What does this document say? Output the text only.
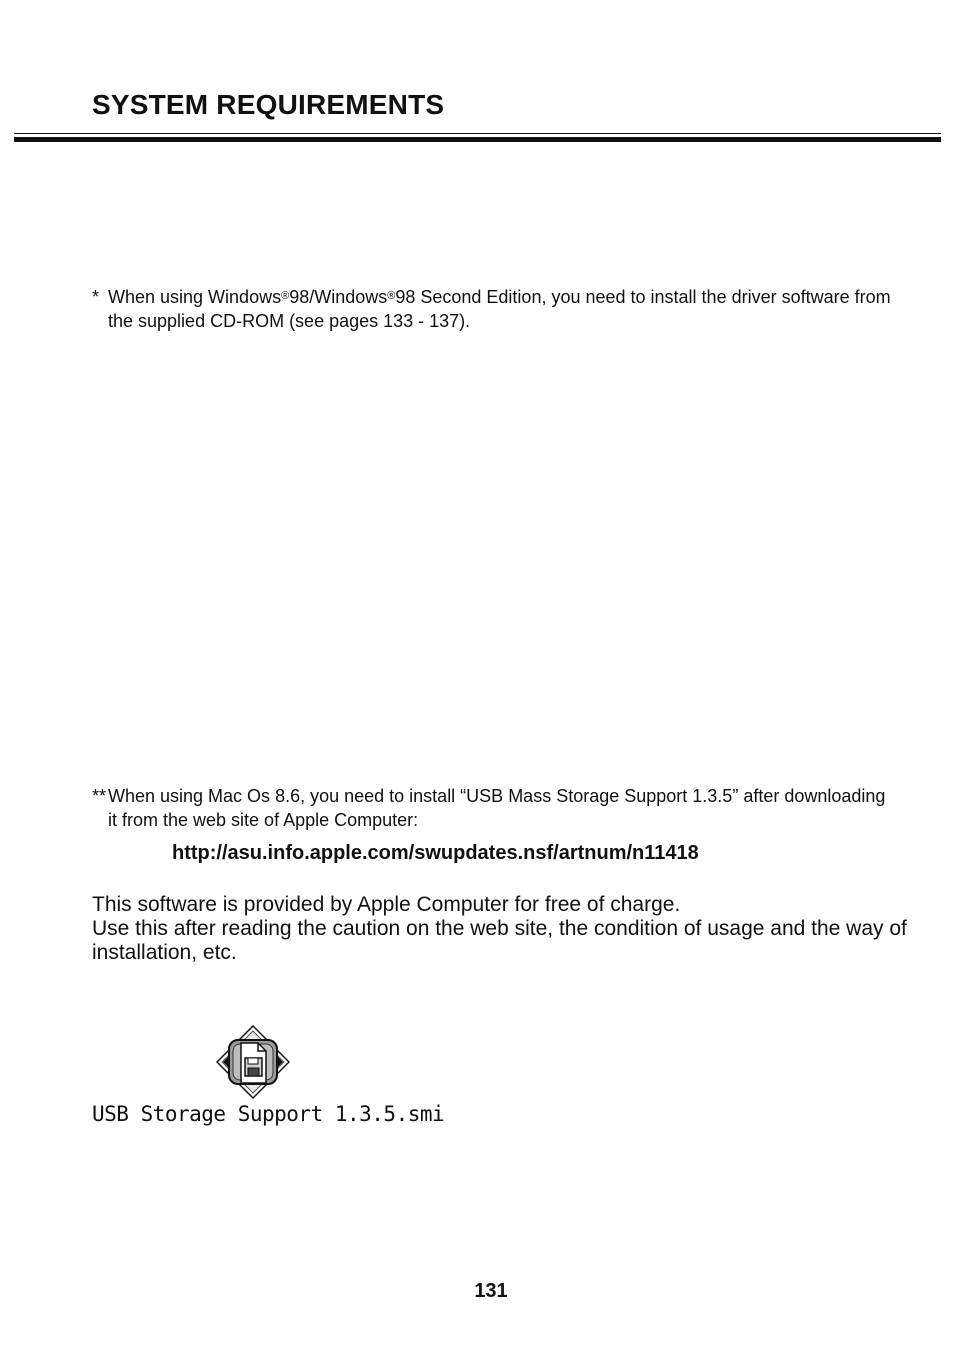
SYSTEM REQUIREMENTS
* When using Windows®98/Windows®98 Second Edition, you need to install the driver software from the supplied CD-ROM (see pages 133 - 137).
** When using Mac Os 8.6, you need to install “USB Mass Storage Support 1.3.5” after downloading it from the web site of Apple Computer:
http://asu.info.apple.com/swupdates.nsf/artnum/n11418
This software is provided by Apple Computer for free of charge.
Use this after reading the caution on the web site, the condition of usage and the way of installation, etc.
USB Storage Support 1.3.5.smi
131
